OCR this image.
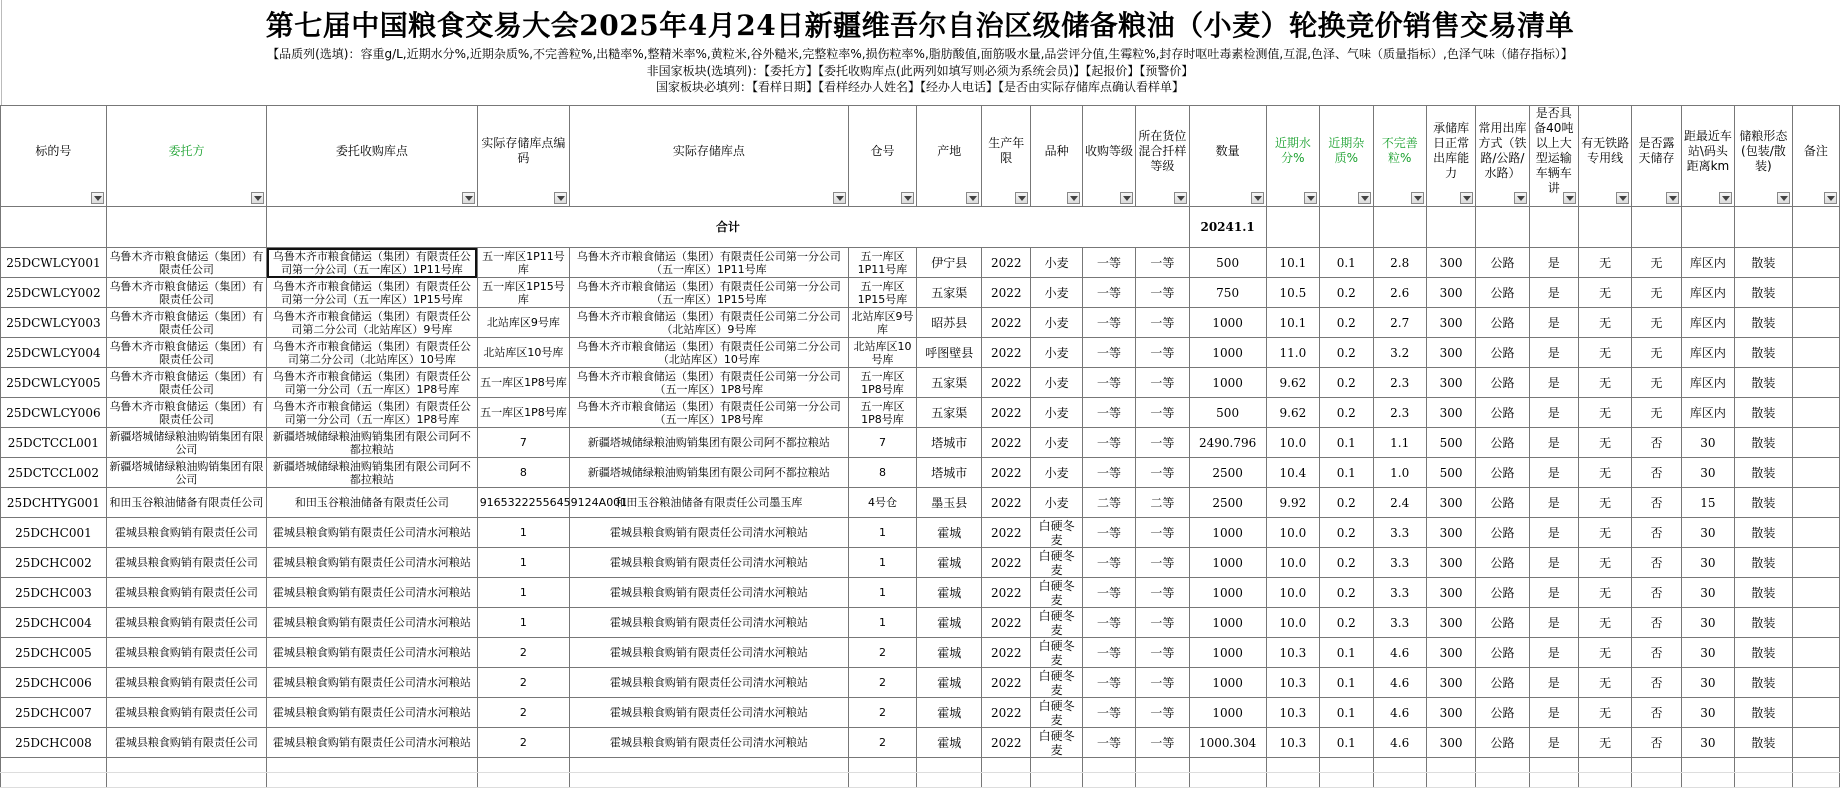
第七届中国粮食交易大会2025年4月24日新疆维吾尔自治区级储备粮油（小麦）轮换竞价销售交易清单
【品质列(选填)：容重g/L,近期水分%,近期杂质%,不完善粒%,出糙率%,整精米率%,黄粒米,谷外糙米,完整粒率%,损伤粒率%,脂肪酸值,面筋吸水量,品尝评分值,生霉粒%,封存时呕吐毒素检测值,互混,色泽、气味（质量指标）,色泽气味（储存指标）】
非国家板块(选填列)：【委托方】【委托收购库点(此两列如填写则必须为系统会员)】【起报价】【预警价】
国家板块必填列：【看样日期】【看样经办人姓名】【经办人电话】【是否由实际存储库点确认看样单】
标的号	委托方	委托收购库点	实际存储库点编码	实际存储库点	仓号	产地	生产年限	品种	收购等级	所在货位混合扦样等级	数量	近期水分%	近期杂质%	不完善粒%	承储库日正常出库能力	常用出库方式（铁路/公路/水路）	是否具备40吨以上大型运输车辆车讲	有无铁路专用线	是否露天储存	距最近车站\码头距离km	储粮形态(包装/散装)	备注

		合计									20241.1											
25DCWLCY001	乌鲁木齐市粮食储运（集团）有限责任公司	乌鲁木齐市粮食储运（集团）有限责任公司第一分公司（五一库区）1P11号库	五一库区1P11号库	乌鲁木齐市粮食储运（集团）有限责任公司第一分公司（五一库区）1P11号库	五一库区1P11号库	伊宁县	2022	小麦	一等	一等	500	10.1	0.1	2.8	300	公路	是	无	无	库区内	散装	
25DCWLCY002	乌鲁木齐市粮食储运（集团）有限责任公司	乌鲁木齐市粮食储运（集团）有限责任公司第一分公司（五一库区）1P15号库	五一库区1P15号库	乌鲁木齐市粮食储运（集团）有限责任公司第一分公司（五一库区）1P15号库	五一库区1P15号库	五家渠	2022	小麦	一等	一等	750	10.5	0.2	2.6	300	公路	是	无	无	库区内	散装	
25DCWLCY003	乌鲁木齐市粮食储运（集团）有限责任公司	乌鲁木齐市粮食储运（集团）有限责任公司第二分公司（北站库区）9号库	北站库区9号库	乌鲁木齐市粮食储运（集团）有限责任公司第二分公司（北站库区）9号库	北站库区9号库	昭苏县	2022	小麦	一等	一等	1000	10.1	0.2	2.7	300	公路	是	无	无	库区内	散装	
25DCWLCY004	乌鲁木齐市粮食储运（集团）有限责任公司	乌鲁木齐市粮食储运（集团）有限责任公司第二分公司（北站库区）10号库	北站库区10号库	乌鲁木齐市粮食储运（集团）有限责任公司第二分公司（北站库区）10号库	北站库区10号库	呼图壁县	2022	小麦	一等	一等	1000	11.0	0.2	3.2	300	公路	是	无	无	库区内	散装	
25DCWLCY005	乌鲁木齐市粮食储运（集团）有限责任公司	乌鲁木齐市粮食储运（集团）有限责任公司第一分公司（五一库区）1P8号库	五一库区1P8号库	乌鲁木齐市粮食储运（集团）有限责任公司第一分公司（五一库区）1P8号库	五一库区1P8号库	五家渠	2022	小麦	一等	一等	1000	9.62	0.2	2.3	300	公路	是	无	无	库区内	散装	
25DCWLCY006	乌鲁木齐市粮食储运（集团）有限责任公司	乌鲁木齐市粮食储运（集团）有限责任公司第一分公司（五一库区）1P8号库	五一库区1P8号库	乌鲁木齐市粮食储运（集团）有限责任公司第一分公司（五一库区）1P8号库	五一库区1P8号库	五家渠	2022	小麦	一等	一等	500	9.62	0.2	2.3	300	公路	是	无	无	库区内	散装	
25DCTCCL001	新疆塔城储绿粮油购销集团有限公司	新疆塔城储绿粮油购销集团有限公司阿不都拉粮站	7	新疆塔城储绿粮油购销集团有限公司阿不都拉粮站	7	塔城市	2022	小麦	一等	一等	2490.796	10.0	0.1	1.1	500	公路	是	无	否	30	散装	
25DCTCCL002	新疆塔城储绿粮油购销集团有限公司	新疆塔城储绿粮油购销集团有限公司阿不都拉粮站	8	新疆塔城储绿粮油购销集团有限公司阿不都拉粮站	8	塔城市	2022	小麦	一等	一等	2500	10.4	0.1	1.0	500	公路	是	无	否	30	散装	
25DCHTYG001	和田玉谷粮油储备有限责任公司	和田玉谷粮油储备有限责任公司	91653222556459124A001	和田玉谷粮油储备有限责任公司墨玉库	4号仓	墨玉县	2022	小麦	二等	二等	2500	9.92	0.2	2.4	300	公路	是	无	否	15	散装	
25DCHC001	霍城县粮食购销有限责任公司	霍城县粮食购销有限责任公司清水河粮站	1	霍城县粮食购销有限责任公司清水河粮站	1	霍城	2022	白硬冬麦	一等	一等	1000	10.0	0.2	3.3	300	公路	是	无	否	30	散装	
25DCHC002	霍城县粮食购销有限责任公司	霍城县粮食购销有限责任公司清水河粮站	1	霍城县粮食购销有限责任公司清水河粮站	1	霍城	2022	白硬冬麦	一等	一等	1000	10.0	0.2	3.3	300	公路	是	无	否	30	散装	
25DCHC003	霍城县粮食购销有限责任公司	霍城县粮食购销有限责任公司清水河粮站	1	霍城县粮食购销有限责任公司清水河粮站	1	霍城	2022	白硬冬麦	一等	一等	1000	10.0	0.2	3.3	300	公路	是	无	否	30	散装	
25DCHC004	霍城县粮食购销有限责任公司	霍城县粮食购销有限责任公司清水河粮站	1	霍城县粮食购销有限责任公司清水河粮站	1	霍城	2022	白硬冬麦	一等	一等	1000	10.0	0.2	3.3	300	公路	是	无	否	30	散装	
25DCHC005	霍城县粮食购销有限责任公司	霍城县粮食购销有限责任公司清水河粮站	2	霍城县粮食购销有限责任公司清水河粮站	2	霍城	2022	白硬冬麦	一等	一等	1000	10.3	0.1	4.6	300	公路	是	无	否	30	散装	
25DCHC006	霍城县粮食购销有限责任公司	霍城县粮食购销有限责任公司清水河粮站	2	霍城县粮食购销有限责任公司清水河粮站	2	霍城	2022	白硬冬麦	一等	一等	1000	10.3	0.1	4.6	300	公路	是	无	否	30	散装	
25DCHC007	霍城县粮食购销有限责任公司	霍城县粮食购销有限责任公司清水河粮站	2	霍城县粮食购销有限责任公司清水河粮站	2	霍城	2022	白硬冬麦	一等	一等	1000	10.3	0.1	4.6	300	公路	是	无	否	30	散装	
25DCHC008	霍城县粮食购销有限责任公司	霍城县粮食购销有限责任公司清水河粮站	2	霍城县粮食购销有限责任公司清水河粮站	2	霍城	2022	白硬冬麦	一等	一等	1000.304	10.3	0.1	4.6	300	公路	是	无	否	30	散装	
